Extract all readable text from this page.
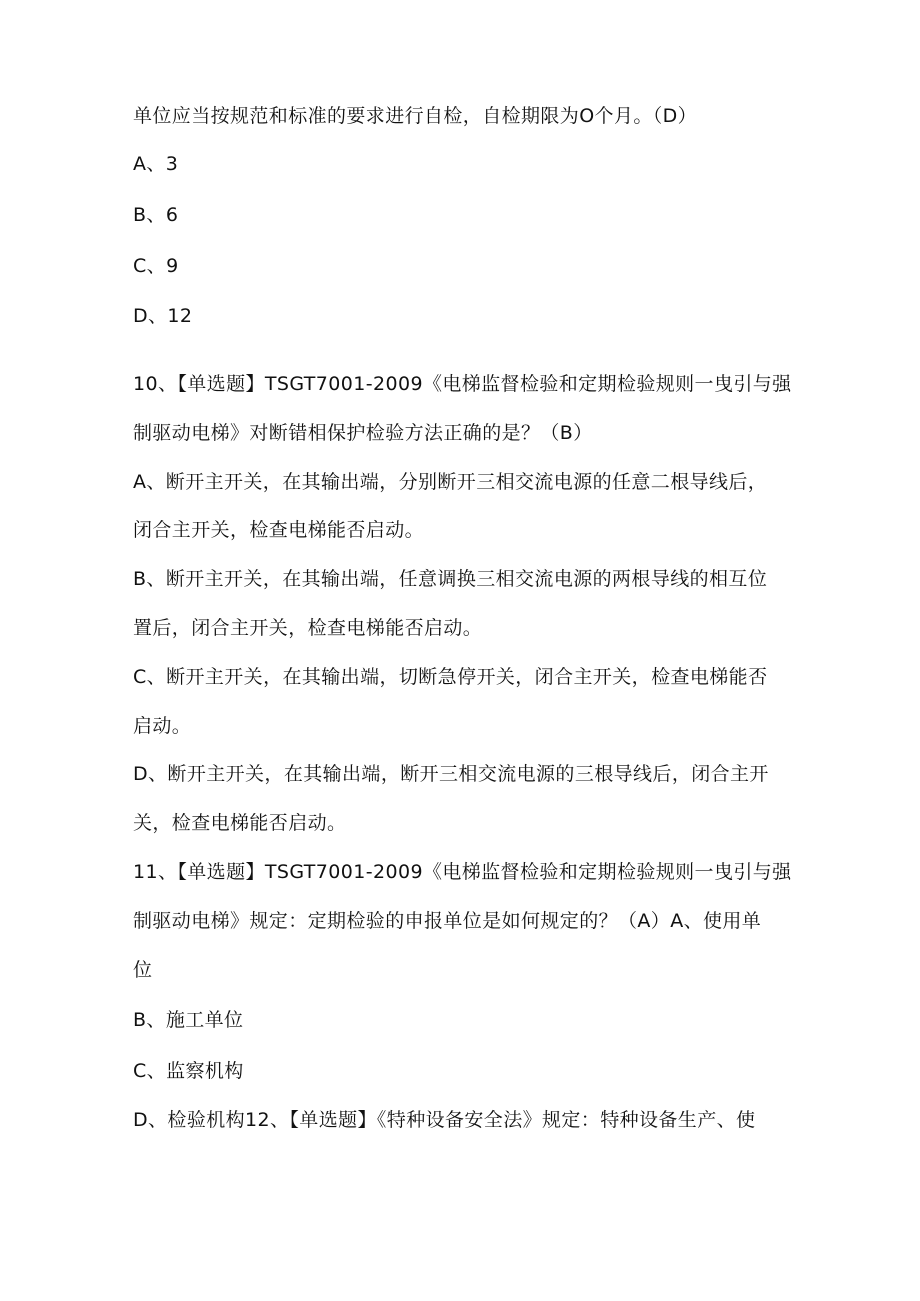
单位应当按规范和标准的要求进行自检，自检期限为O个月。（D）
A、3
B、6
C、9
D、12
10、【单选题】TSGT7001-2009《电梯监督检验和定期检验规则一曳引与强
制驱动电梯》对断错相保护检验方法正确的是？（B）
A、断开主开关，在其输出端，分别断开三相交流电源的任意二根导线后，
闭合主开关，检查电梯能否启动。
B、断开主开关，在其输出端，任意调换三相交流电源的两根导线的相互位
置后，闭合主开关，检查电梯能否启动。
C、断开主开关，在其输出端，切断急停开关，闭合主开关，检查电梯能否
启动。
D、断开主开关，在其输出端，断开三相交流电源的三根导线后，闭合主开
关，检查电梯能否启动。
11、【单选题】TSGT7001-2009《电梯监督检验和定期检验规则一曳引与强
制驱动电梯》规定：定期检验的申报单位是如何规定的？（A）A、使用单
位
B、施工单位
C、监察机构
D、检验机构12、【单选题】《特种设备安全法》规定：特种设备生产、使
